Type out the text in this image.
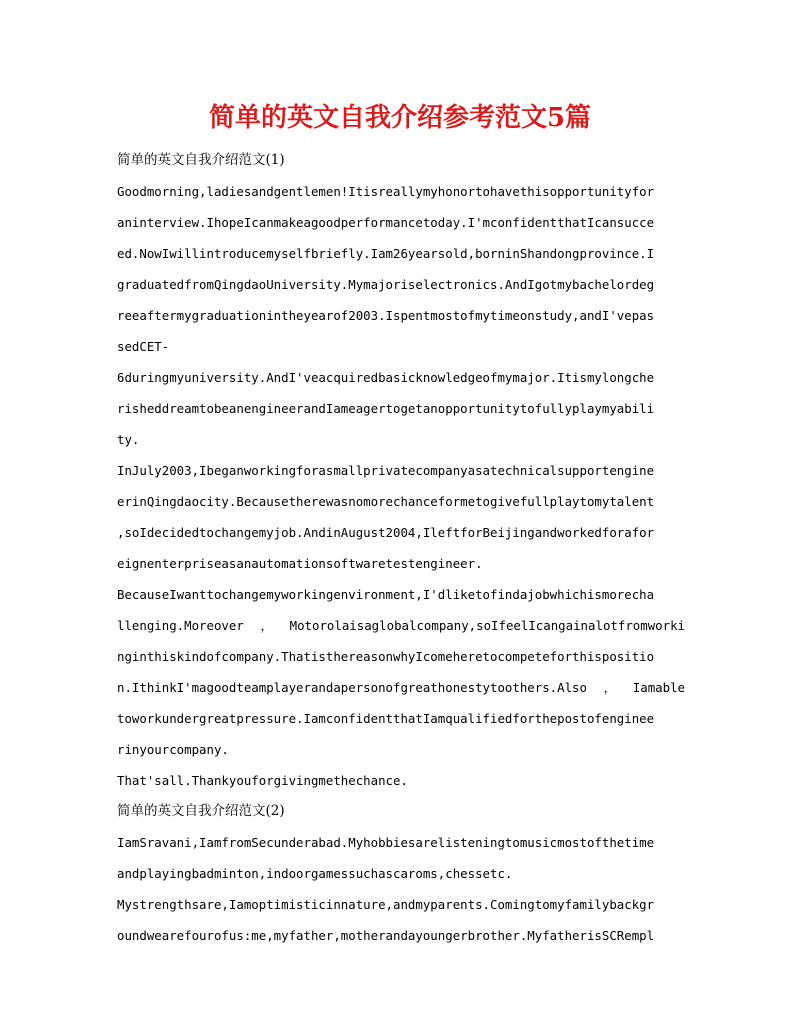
简单的英文自我介绍参考范文5篇
简单的英文自我介绍范文(1)
Goodmorning,ladiesandgentlemen!Itisreallymyhonortohavethisopportunityfor
aninterview.IhopeIcanmakeagoodperformancetoday.I'mconfidentthatIcansucce
ed.NowIwillintroducemyselfbriefly.Iam26yearsold,borninShandongprovince.I
graduatedfromQingdaoUniversity.Mymajoriselectronics.AndIgotmybachelordeg
reeaftermygraduationintheyearof2003.Ispentmostofmytimeonstudy,andI'vepas
sedCET-
6duringmyuniversity.AndI'veacquiredbasicknowledgeofmymajor.Itismylongche
risheddreamtobeanengineerandIameagertogetanopportunitytofullyplaymyabili
ty.
InJuly2003,Ibeganworkingforasmallprivatecompanyasatechnicalsupportengine
erinQingdaocity.Becausetherewasnomorechanceformetogivefullplaytomytalent
,soIdecidedtochangemyjob.AndinAugust2004,IleftforBeijingandworkedforafor
eignenterpriseasanautomationsoftwaretestengineer.
BecauseIwanttochangemyworkingenvironment,I'dliketofindajobwhichismorecha
llenging.Moreover，Motorolaisaglobalcompany,soIfeelIcangainalotfromworki
nginthiskindofcompany.ThatisthereasonwhyIcomeheretocompeteforthispositio
n.IthinkI'magoodteamplayerandapersonofgreathonestytoothers.Also，Iamable
toworkundergreatpressure.IamconfidentthatIamqualifiedforthepostofenginee
rinyourcompany.
That'sall.Thankyouforgivingmethechance.
简单的英文自我介绍范文(2)
IamSravani,IamfromSecunderabad.Myhobbiesarelisteningtomusicmostofthetime
andplayingbadminton,indoorgamessuchascaroms,chessetc.
Mystrengthsare,Iamoptimisticinnature,andmyparents.Comingtomyfamilybackgr
oundwearefourofus:me,myfather,motherandayoungerbrother.MyfatherisSCRempl
